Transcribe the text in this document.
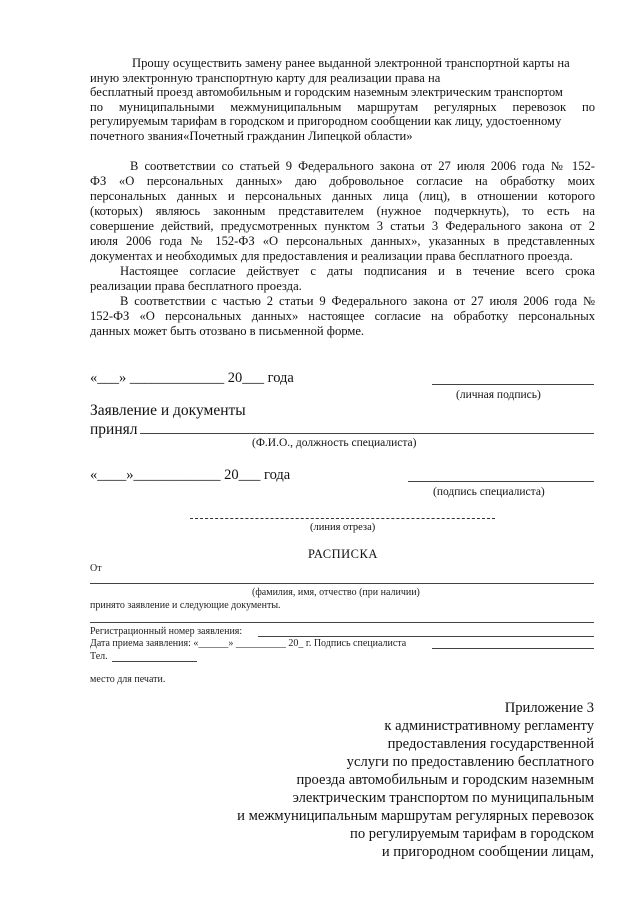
Прошу осуществить замену ранее выданной электронной транспортной карты на
иную электронную транспортную карту для реализации права на
бесплатный проезд автомобильным и городским наземным электрическим транспортом
по муниципальными межмуниципальным маршрутам регулярных перевозок по
регулируемым тарифам в городском и пригородном сообщении как лицу, удостоенному
почетного звания«Почетный гражданин Липецкой области»
В соответствии со статьей 9 Федерального закона от 27 июля 2006 года № 152-
ФЗ «О персональных данных» даю добровольное согласие на обработку моих
персональных данных и персональных данных лица (лиц), в отношении которого
(которых) являюсь законным представителем (нужное подчеркнуть), то есть на
совершение действий, предусмотренных пунктом 3 статьи 3 Федерального закона от 2
июля 2006 года № 152-ФЗ «О персональных данных», указанных в представленных
документах и необходимых для предоставления и реализации права бесплатного проезда.
Настоящее согласие действует с даты подписания и в течение всего срока
реализации права бесплатного проезда.
В соответствии с частью 2 статьи 9 Федерального закона от 27 июля 2006 года №
152-ФЗ «О персональных данных» настоящее согласие на обработку персональных
данных может быть отозвано в письменной форме.
«___» _____________ 20___ года
(личная подпись)
Заявление и документы
принял
(Ф.И.О., должность специалиста)
«____»____________ 20___ года
(подпись специалиста)
(линия отреза)
РАСПИСКА
От
(фамилия, имя, отчество (при наличии)
принято заявление и следующие документы.
Регистрационный номер заявления:
Дата приема заявления: «______» __________ 20_ г. Подпись специалиста
Тел.
место для печати.
Приложение 3
к административному регламенту
предоставления государственной
услуги по предоставлению бесплатного
проезда автомобильным и городским наземным
электрическим транспортом по муниципальным
и межмуниципальным маршрутам регулярных перевозок
по регулируемым тарифам в городском
и пригородном сообщении лицам,
